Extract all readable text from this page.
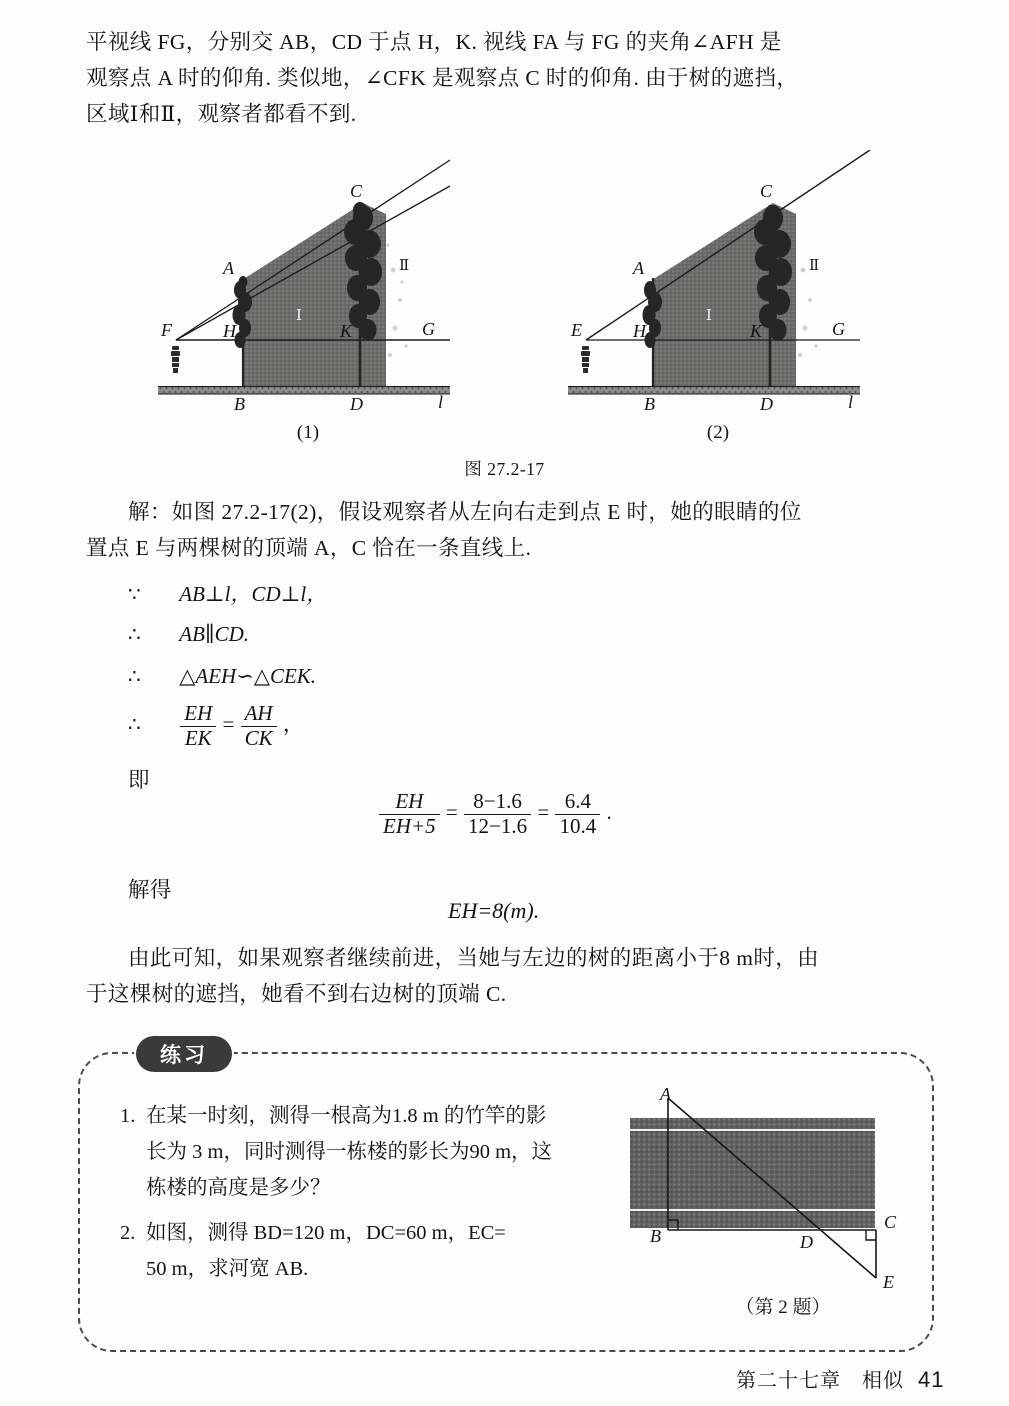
平视线 FG，分别交 AB，CD 于点 H，K. 视线 FA 与 FG 的夹角∠AFH 是
观察点 A 时的仰角. 类似地，∠CFK 是观察点 C 时的仰角. 由于树的遮挡，
区域Ⅰ和Ⅱ，观察者都看不到.
F
A
C
H	K	G
B	D	l
Ⅰ
Ⅱ
(1)
E
A
C
H	K	G
B	D	l
Ⅰ
Ⅱ
(2)
图 27.2-17
解：如图 27.2-17(2)，假设观察者从左向右走到点 E 时，她的眼睛的位
置点 E 与两棵树的顶端 A，C 恰在一条直线上.
∵ AB⊥l，CD⊥l，
∴ AB∥CD.
∴ △AEH∽△CEK.
∴ $\frac{EH}{EK} = \frac{AH}{CK}$ ，
即
$\frac{EH}{EH+5} = \frac{8-1.6}{12-1.6} = \frac{6.4}{10.4}$ .
解得
EH=8(m).
由此可知，如果观察者继续前进，当她与左边的树的距离小于8 m时，由
于这棵树的遮挡，她看不到右边树的顶端 C.
练习
1. 在某一时刻，测得一根高为1.8 m 的竹竿的影
长为 3 m，同时测得一栋楼的影长为90 m，这
栋楼的高度是多少？
2. 如图，测得 BD=120 m，DC=60 m，EC=
50 m，求河宽 AB.
A
B
C
D
E
（第 2 题）
第二十七章　相似 41
